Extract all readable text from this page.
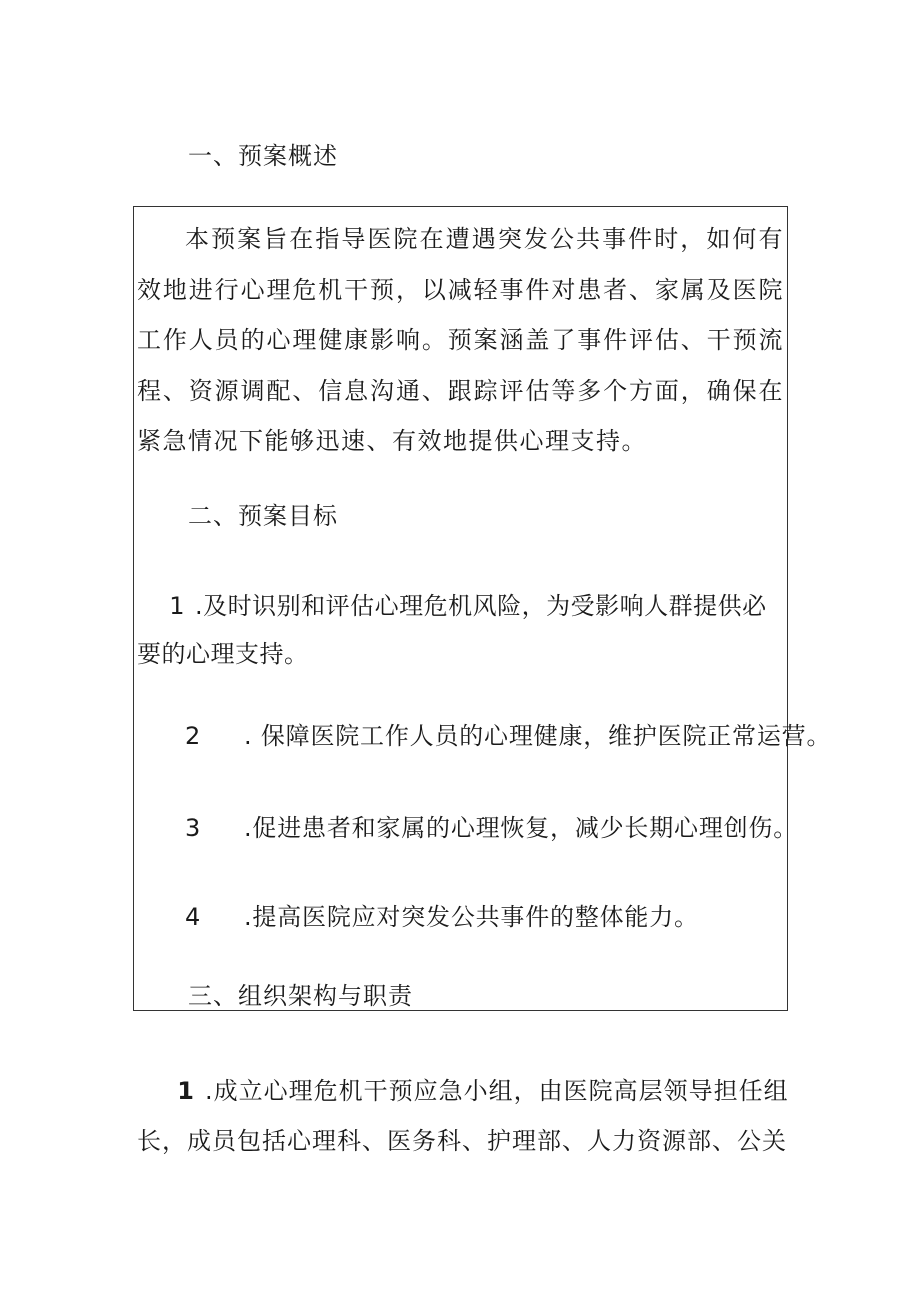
一、预案概述

本预案旨在指导医院在遭遇突发公共事件时，如何有效地进行心理危机干预，以减轻事件对患者、家属及医院工作人员的心理健康影响。预案涵盖了事件评估、干预流程、资源调配、信息沟通、跟踪评估等多个方面，确保在紧急情况下能够迅速、有效地提供心理支持。

二、预案目标

1 .及时识别和评估心理危机风险，为受影响人群提供必要的心理支持。

2 . 保障医院工作人员的心理健康，维护医院正常运营。
3 .促进患者和家属的心理恢复，减少长期心理创伤。
4 .提高医院应对突发公共事件的整体能力。
三、组织架构与职责

1 .成立心理危机干预应急小组，由医院高层领导担任组长，成员包括心理科、医务科、护理部、人力资源部、公关
